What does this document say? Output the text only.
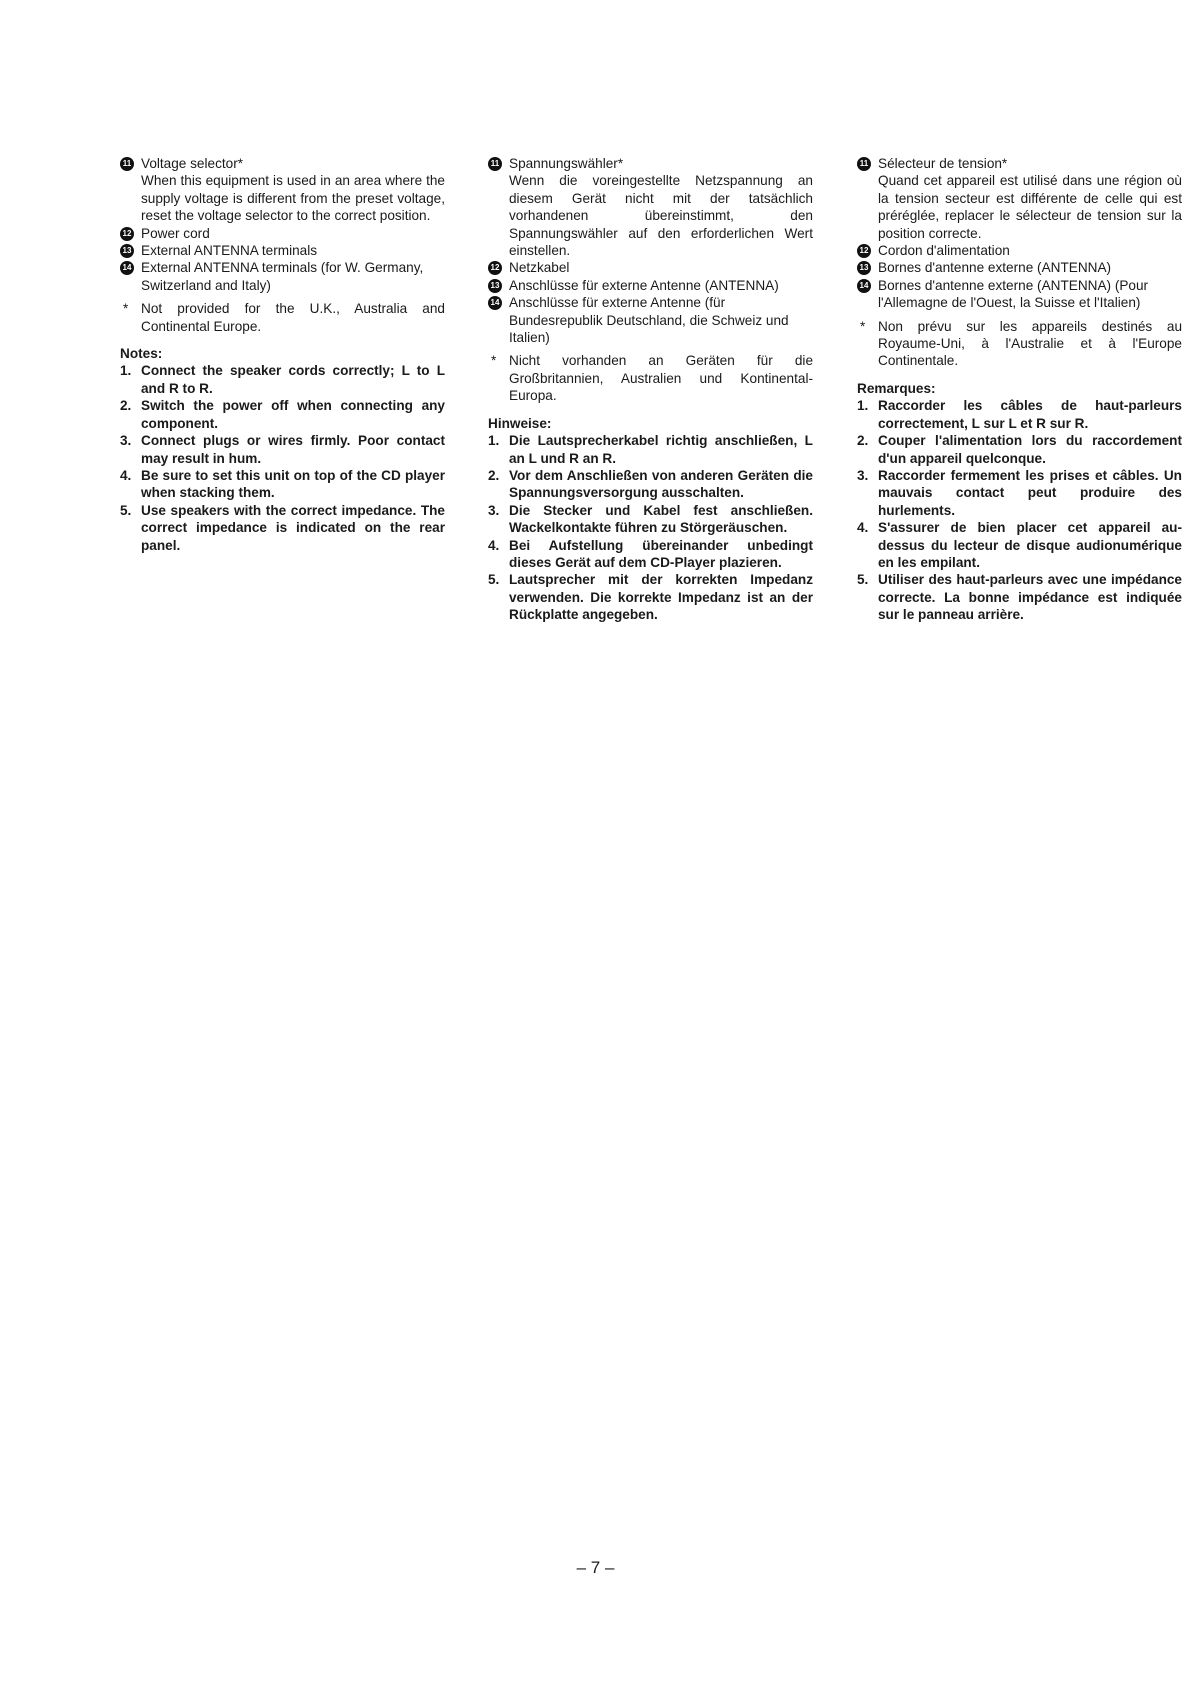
11 Voltage selector*
When this equipment is used in an area where the supply voltage is different from the preset voltage, reset the voltage selector to the correct position.
12 Power cord
13 External ANTENNA terminals
14 External ANTENNA terminals (for W. Germany, Switzerland and Italy)
* Not provided for the U.K., Australia and Continental Europe.
Notes:
1. Connect the speaker cords correctly; L to L and R to R.
2. Switch the power off when connecting any component.
3. Connect plugs or wires firmly. Poor contact may result in hum.
4. Be sure to set this unit on top of the CD player when stacking them.
5. Use speakers with the correct impedance. The correct impedance is indicated on the rear panel.
11 Spannungswähler*
Wenn die voreingestellte Netzspannung an diesem Gerät nicht mit der tatsächlich vorhandenen übereinstimmt, den Spannungswähler auf den erforderlichen Wert einstellen.
12 Netzkabel
13 Anschlüsse für externe Antenne (ANTENNA)
14 Anschlüsse für externe Antenne (für Bundesrepublik Deutschland, die Schweiz und Italien)
* Nicht vorhanden an Geräten für die Großbritannien, Australien und Kontinental-Europa.
Hinweise:
1. Die Lautsprecherkabel richtig anschließen, L an L und R an R.
2. Vor dem Anschließen von anderen Geräten die Spannungsversorgung ausschalten.
3. Die Stecker und Kabel fest anschließen. Wackelkontakte führen zu Störgeräuschen.
4. Bei Aufstellung übereinander unbedingt dieses Gerät auf dem CD-Player plazieren.
5. Lautsprecher mit der korrekten Impedanz verwenden. Die korrekte Impedanz ist an der Rückplatte angegeben.
11 Sélecteur de tension*
Quand cet appareil est utilisé dans une région où la tension secteur est différente de celle qui est préréglée, replacer le sélecteur de tension sur la position correcte.
12 Cordon d'alimentation
13 Bornes d'antenne externe (ANTENNA)
14 Bornes d'antenne externe (ANTENNA) (Pour l'Allemagne de l'Ouest, la Suisse et l'Italien)
* Non prévu sur les appareils destinés au Royaume-Uni, à l'Australie et à l'Europe Continentale.
Remarques:
1. Raccorder les câbles de haut-parleurs correctement, L sur L et R sur R.
2. Couper l'alimentation lors du raccordement d'un appareil quelconque.
3. Raccorder fermement les prises et câbles. Un mauvais contact peut produire des hurlements.
4. S'assurer de bien placer cet appareil au-dessus du lecteur de disque audionumérique en les empilant.
5. Utiliser des haut-parleurs avec une impédance correcte. La bonne impédance est indiquée sur le panneau arrière.
– 7 –
